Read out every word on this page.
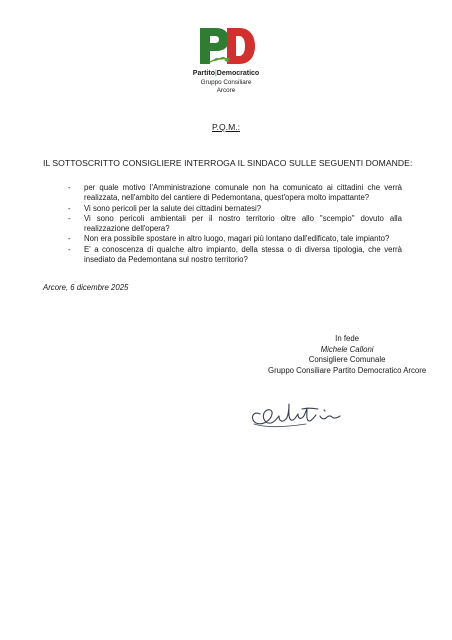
Partito|Democratico
Gruppo Consiliare
Arcore
P.Q.M.:
IL SOTTOSCRITTO CONSIGLIERE INTERROGA IL SINDACO SULLE SEGUENTI DOMANDE:
- per quale motivo l'Amministrazione comunale non ha comunicato ai cittadini che verrà realizzata, nell'ambito del cantiere di Pedemontana, quest'opera molto impattante?
- Vi sono pericoli per la salute dei cittadini bernatesi?
- Vi sono pericoli ambientali per il nostro territorio oltre allo "scempio" dovuto alla realizzazione dell'opera?
- Non era possibile spostare in altro luogo, magari più lontano dall'edificato, tale impianto?
- E' a conoscenza di qualche altro impianto, della stessa o di diversa tipologia, che verrà insediato da Pedemontana sul nostro territorio?
Arcore, 6 dicembre 2025
In fede
Michele Calloni
Consigliere Comunale
Gruppo Consiliare Partito Democratico Arcore
